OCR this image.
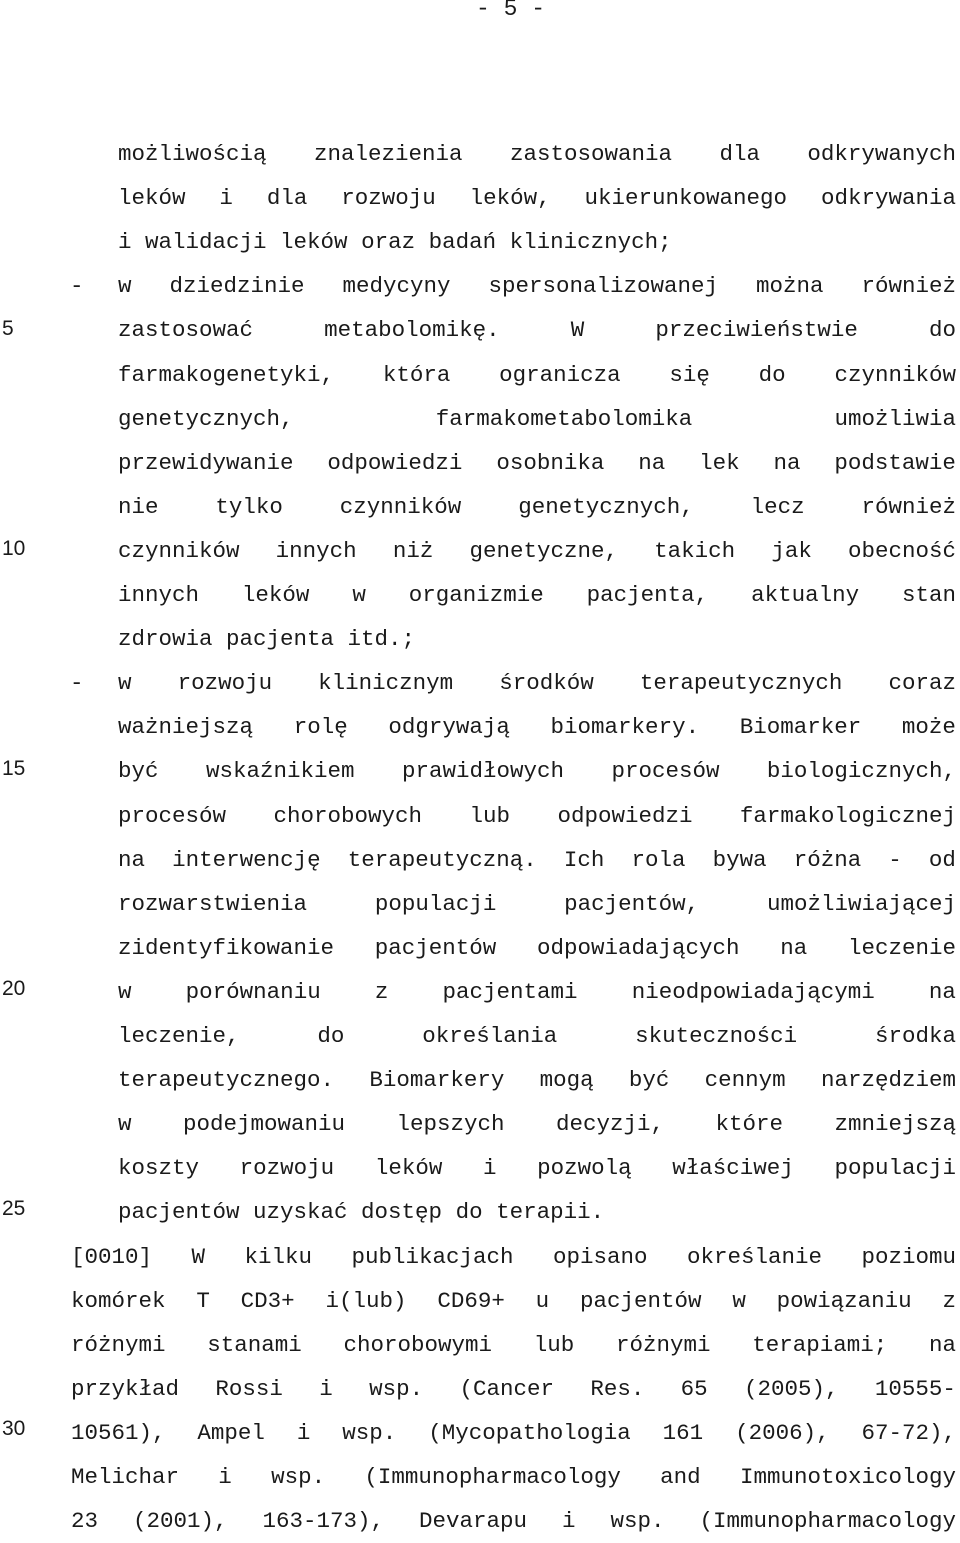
- 5 -
5
10
15
20
25
30
możliwością znalezienia zastosowania dla odkrywanych
leków i dla rozwoju leków, ukierunkowanego odkrywania
i walidacji leków oraz badań klinicznych;
- w dziedzinie medycyny spersonalizowanej można również
zastosować	metabolomikę.	W	przeciwieństwie	do
farmakogenetyki, która ogranicza się do czynników
genetycznych,	farmakometabolomika	umożliwia
przewidywanie odpowiedzi osobnika na lek na podstawie
nie	tylko	czynników	genetycznych,	lecz	również
czynników innych niż genetyczne, takich jak obecność
innych leków w organizmie pacjenta, aktualny stan
zdrowia pacjenta itd.;
- w rozwoju klinicznym środków terapeutycznych coraz
ważniejszą rolę odgrywają biomarkery. Biomarker może
być wskaźnikiem prawidłowych procesów biologicznych,
procesów chorobowych lub odpowiedzi farmakologicznej
na interwencję terapeutyczną. Ich rola bywa różna - od
rozwarstwienia	populacji	pacjentów,	umożliwiającej
zidentyfikowanie pacjentów odpowiadających na leczenie
w porównaniu z pacjentami nieodpowiadającymi na
leczenie,	do	określania	skuteczności	środka
terapeutycznego. Biomarkery mogą być cennym narzędziem
w podejmowaniu lepszych decyzji, które zmniejszą
koszty rozwoju leków i pozwolą właściwej populacji
pacjentów uzyskać dostęp do terapii.
[0010] W kilku publikacjach opisano określanie poziomu
komórek T CD3+ i(lub) CD69+ u pacjentów w powiązaniu z
różnymi stanami chorobowymi lub różnymi terapiami; na
przykład Rossi i wsp. (Cancer Res. 65 (2005), 10555-
10561), Ampel i wsp. (Mycopathologia 161 (2006), 67-72),
Melichar i wsp. (Immunopharmacology and Immunotoxicology
23 (2001), 163-173), Devarapu i wsp. (Immunopharmacology
